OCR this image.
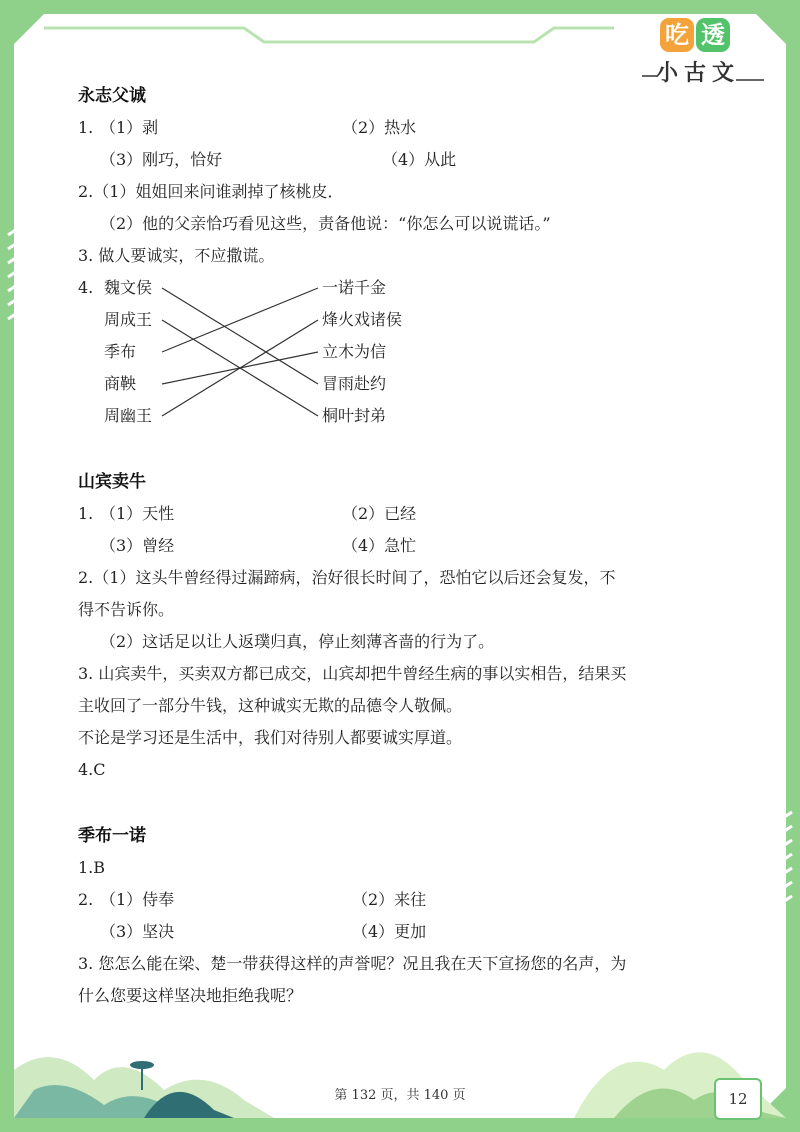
吃 透
小古文
永志父诚
1. （1）剥	（2）热水
（3）刚巧，恰好	（4）从此
2.（1）姐姐回来问谁剥掉了核桃皮．
（2）他的父亲恰巧看见这些，责备他说：“你怎么可以说谎话。”
3. 做人要诚实，不应撒谎。
4. 魏文侯
周成王
季布
商鞅
周幽王
一诺千金
烽火戏诸侯
立木为信
冒雨赴约
桐叶封弟
山宾卖牛
1. （1）天性	（2）已经
（3）曾经	（4）急忙
2.（1）这头牛曾经得过漏蹄病，治好很长时间了，恐怕它以后还会复发，不
得不告诉你。
（2）这话足以让人返璞归真，停止刻薄吝啬的行为了。
3. 山宾卖牛，买卖双方都已成交，山宾却把牛曾经生病的事以实相告，结果买
主收回了一部分牛钱，这种诚实无欺的品德令人敬佩。
不论是学习还是生活中，我们对待别人都要诚实厚道。
4.C
季布一诺
1.B
2. （1）侍奉	（2）来往
（3）坚决	（4）更加
3. 您怎么能在梁、楚一带获得这样的声誉呢？况且我在天下宣扬您的名声，为
什么您要这样坚决地拒绝我呢？
第 132 页，共 140 页	12
